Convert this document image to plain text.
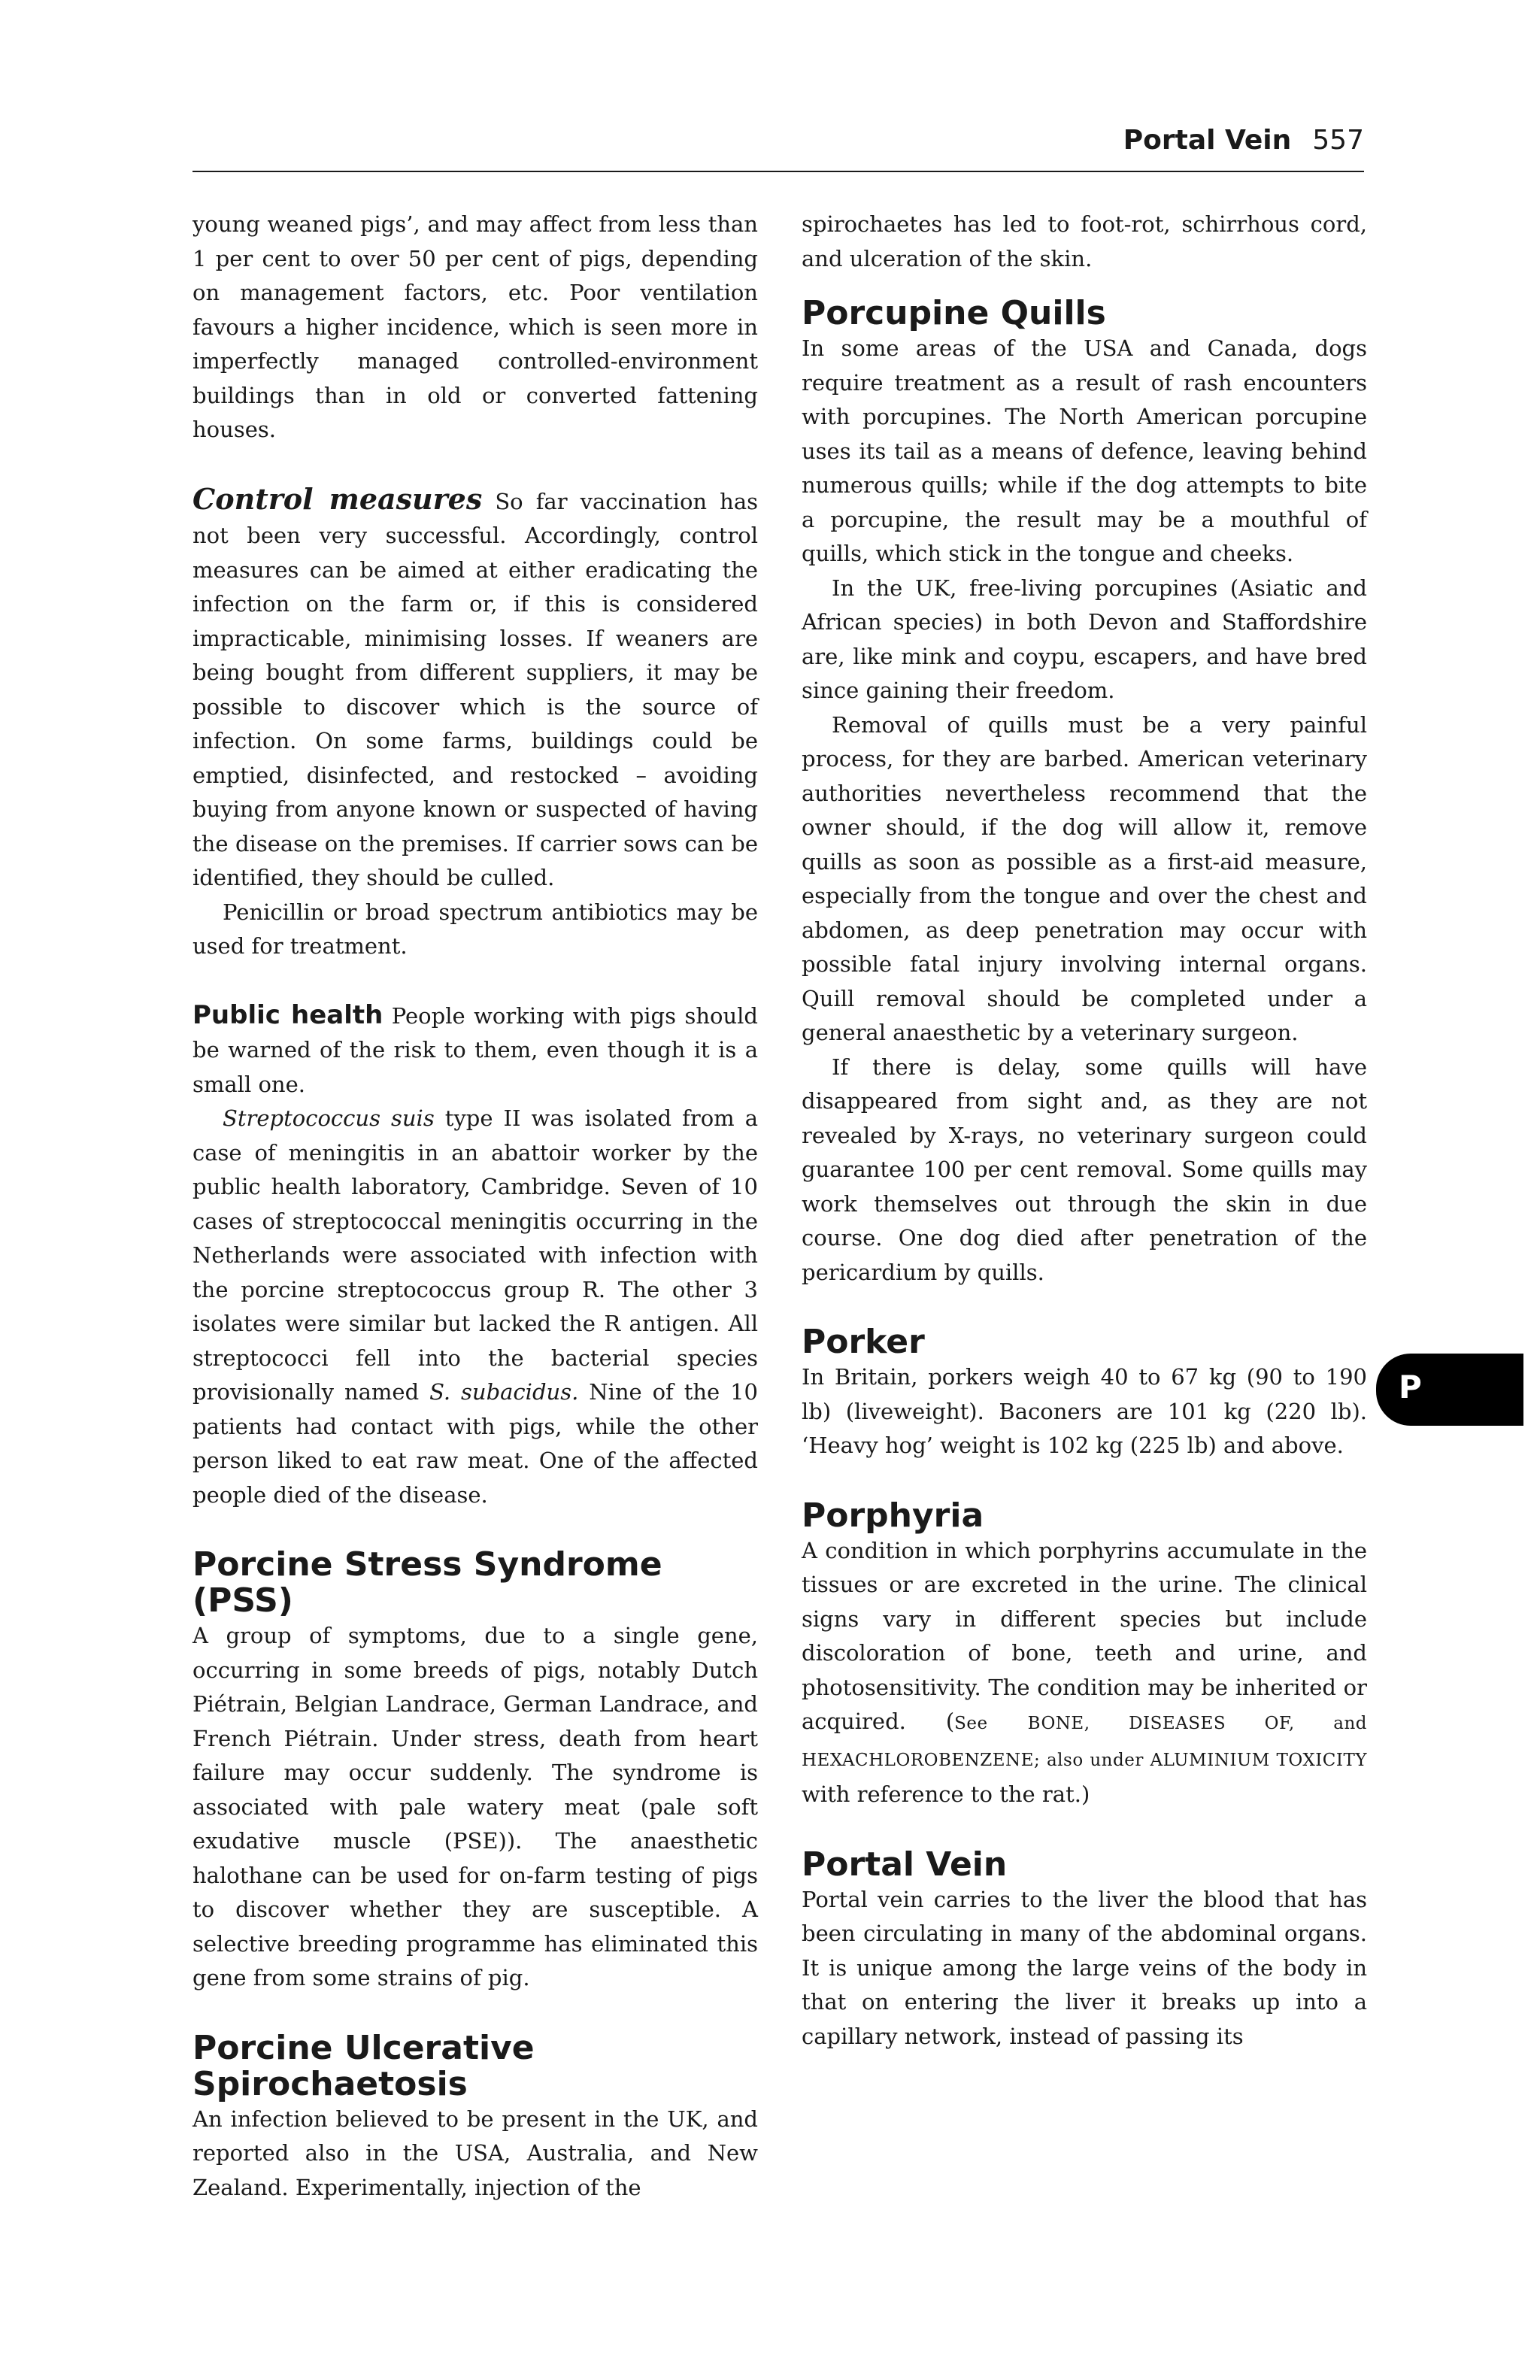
Portal Vein 557

young weaned pigs’, and may affect from less than 1 per cent to over 50 per cent of pigs, depending on management factors, etc. Poor ventilation favours a higher incidence, which is seen more in imperfectly managed controlled-environment buildings than in old or converted fattening houses.

Control measures So far vaccination has not been very successful. Accordingly, control measures can be aimed at either eradicating the infection on the farm or, if this is considered impracticable, minimising losses. If weaners are being bought from different suppliers, it may be possible to discover which is the source of infection. On some farms, buildings could be emptied, disinfected, and restocked – avoiding buying from anyone known or suspected of having the disease on the premises. If carrier sows can be identified, they should be culled.

Penicillin or broad spectrum antibiotics may be used for treatment.

Public health People working with pigs should be warned of the risk to them, even though it is a small one.

Streptococcus suis type II was isolated from a case of meningitis in an abattoir worker by the public health laboratory, Cambridge. Seven of 10 cases of streptococcal meningitis occurring in the Netherlands were associated with infection with the porcine streptococcus group R. The other 3 isolates were similar but lacked the R antigen. All streptococci fell into the bacterial species provisionally named S. subacidus. Nine of the 10 patients had contact with pigs, while the other person liked to eat raw meat. One of the affected people died of the disease.

Porcine Stress Syndrome (PSS)

A group of symptoms, due to a single gene, occurring in some breeds of pigs, notably Dutch Piétrain, Belgian Landrace, German Landrace, and French Piétrain. Under stress, death from heart failure may occur suddenly. The syndrome is associated with pale watery meat (pale soft exudative muscle (PSE)). The anaesthetic halothane can be used for on-farm testing of pigs to discover whether they are susceptible. A selective breeding programme has eliminated this gene from some strains of pig.

Porcine Ulcerative
Spirochaetosis

An infection believed to be present in the UK, and reported also in the USA, Australia, and New Zealand. Experimentally, injection of the

spirochaetes has led to foot-rot, schirrhous cord, and ulceration of the skin.

Porcupine Quills

In some areas of the USA and Canada, dogs require treatment as a result of rash encounters with porcupines. The North American porcupine uses its tail as a means of defence, leaving behind numerous quills; while if the dog attempts to bite a porcupine, the result may be a mouthful of quills, which stick in the tongue and cheeks.

In the UK, free-living porcupines (Asiatic and African species) in both Devon and Staffordshire are, like mink and coypu, escapers, and have bred since gaining their freedom.

Removal of quills must be a very painful process, for they are barbed. American veterinary authorities nevertheless recommend that the owner should, if the dog will allow it, remove quills as soon as possible as a first-aid measure, especially from the tongue and over the chest and abdomen, as deep penetration may occur with possible fatal injury involving internal organs. Quill removal should be completed under a general anaesthetic by a veterinary surgeon.

If there is delay, some quills will have disappeared from sight and, as they are not revealed by X-rays, no veterinary surgeon could guarantee 100 per cent removal. Some quills may work themselves out through the skin in due course. One dog died after penetration of the pericardium by quills.

Porker

In Britain, porkers weigh 40 to 67 kg (90 to 190 lb) (liveweight). Baconers are 101 kg (220 lb). ‘Heavy hog’ weight is 102 kg (225 lb) and above.

Porphyria

A condition in which porphyrins accumulate in the tissues or are excreted in the urine. The clinical signs vary in different species but include discoloration of bone, teeth and urine, and photosensitivity. The condition may be inherited or acquired. (See BONE, DISEASES OF, and HEXACHLOROBENZENE; also under ALUMINIUM TOXICITY with reference to the rat.)

Portal Vein

Portal vein carries to the liver the blood that has been circulating in many of the abdominal organs. It is unique among the large veins of the body in that on entering the liver it breaks up into a capillary network, instead of passing its

P
